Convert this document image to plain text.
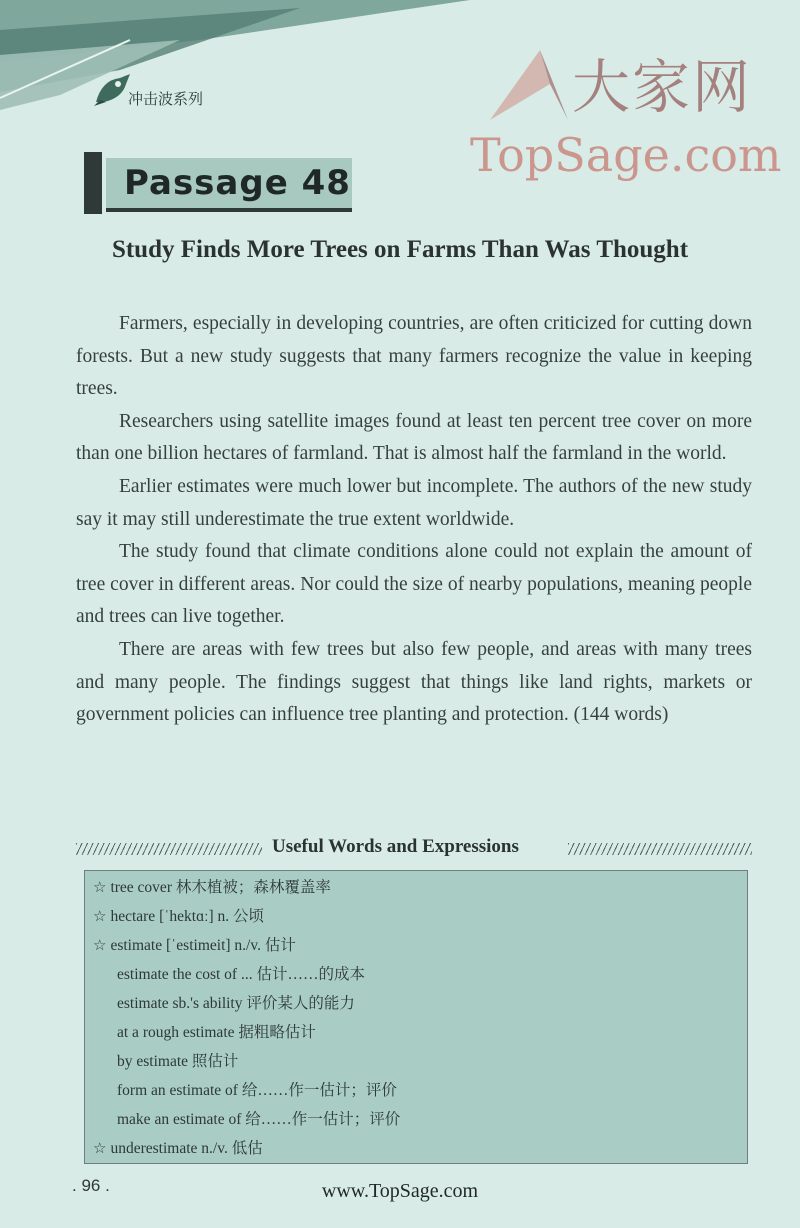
冲击波系列	大家网
TopSage.com
Passage 48
Study Finds More Trees on Farms Than Was Thought

Farmers, especially in developing countries, are often criticized for cutting down forests. But a new study suggests that many farmers recognize the value in keeping trees.

Researchers using satellite images found at least ten percent tree cover on more than one billion hectares of farmland. That is almost half the farmland in the world.

Earlier estimates were much lower but incomplete. The authors of the new study say it may still underestimate the true extent worldwide.

The study found that climate conditions alone could not explain the amount of tree cover in different areas. Nor could the size of nearby populations, meaning people and trees can live together.

There are areas with few trees but also few people, and areas with many trees and many people. The findings suggest that things like land rights, markets or government policies can influence tree planting and protection. (144 words)

Useful Words and Expressions
☆ tree cover 林木植被；森林覆盖率
☆ hectare [ˈhektɑː] n. 公顷
☆ estimate [ˈestimeit] n./v. 估计
estimate the cost of ... 估计……的成本
estimate sb.'s ability 评价某人的能力
at a rough estimate 据粗略估计
by estimate 照估计
form an estimate of 给……作一估计；评价
make an estimate of 给……作一估计；评价
☆ underestimate n./v. 低估
. 96 .	www.TopSage.com
